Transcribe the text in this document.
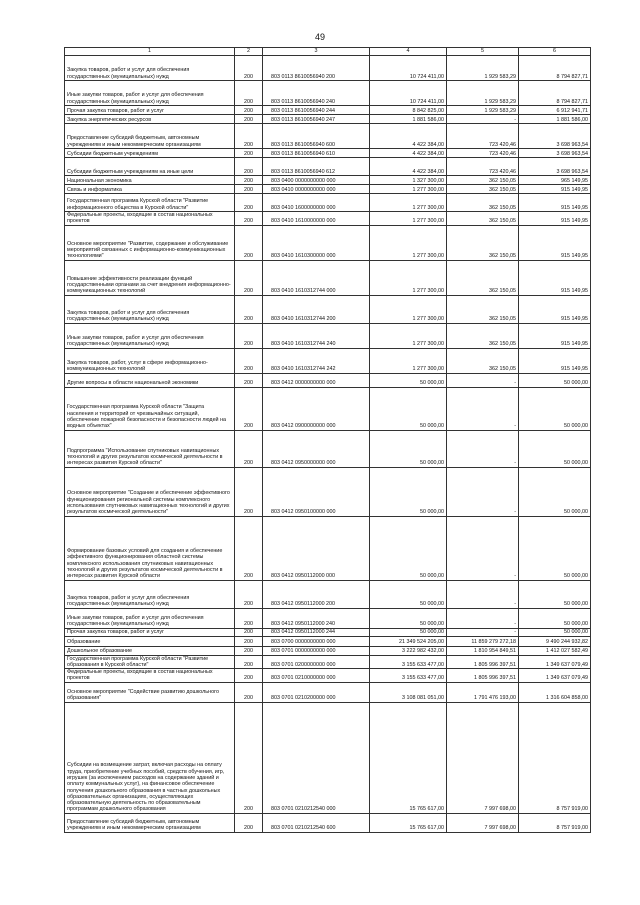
49
1	2	3	4	5	6
Закупка товаров, работ и услуг для обеспечения государственных (муниципальных) нужд	200	803 0113 8610056940 200	10 724 411,00	1 929 583,29	8 794 827,71
Иные закупки товаров, работ и услуг для обеспечения государственных (муниципальных) нужд	200	803 0113 8610056940 240	10 724 411,00	1 929 583,29	8 794 827,71
Прочая закупка товаров, работ и услуг	200	803 0113 8610056940 244	8 842 825,00	1 929 583,29	6 912 941,71
Закупка энергетических ресурсов	200	803 0113 8610056940 247	1 881 586,00	-	1 881 586,00
Предоставление субсидий бюджетным, автономным учреждениям и иным некоммерческим организациям	200	803 0113 8610056940 600	4 422 384,00	723 420,46	3 698 963,54
Субсидии бюджетным учреждениям	200	803 0113 8610056940 610	4 422 384,00	723 420,46	3 698 963,54
Субсидии бюджетным учреждениям на иные цели	200	803 0113 8610056940 612	4 422 384,00	723 420,46	3 698 963,54
Национальная экономика	200	803 0400 0000000000 000	1 327 300,00	362 150,05	965 149,95
Связь и информатика	200	803 0410 0000000000 000	1 277 300,00	362 150,05	915 149,95
Государственная программа Курской области "Развитие информационного общества в Курской области"	200	803 0410 1600000000 000	1 277 300,00	362 150,05	915 149,95
Федеральные проекты, входящие в состав национальных проектов	200	803 0410 1610000000 000	1 277 300,00	362 150,05	915 149,95
Основное мероприятие "Развитие, содержание и обслуживание мероприятий связанных с информационно-коммуникационных технологиями"	200	803 0410 1610300000 000	1 277 300,00	362 150,05	915 149,95
Повышение эффективности реализации функций государственными органами за счет внедрения информационно-коммуникационных технологий	200	803 0410 1610312744 000	1 277 300,00	362 150,05	915 149,95
Закупка товаров, работ и услуг для обеспечения государственных (муниципальных) нужд	200	803 0410 1610312744 200	1 277 300,00	362 150,05	915 149,95
Иные закупки товаров, работ и услуг для обеспечения государственных (муниципальных) нужд	200	803 0410 1610312744 240	1 277 300,00	362 150,05	915 149,95
Закупка товаров, работ, услуг в сфере информационно-коммуникационных технологий	200	803 0410 1610312744 242	1 277 300,00	362 150,05	915 149,95
Другие вопросы в области национальной экономики	200	803 0412 0000000000 000	50 000,00	-	50 000,00
Государственная программа Курской области "Защита населения и территорий от чрезвычайных ситуаций, обеспечение пожарной безопасности и безопасности людей на водных объектах"	200	803 0412 0900000000 000	50 000,00	-	50 000,00
Подпрограмма "Использование спутниковых навигационных технологий и других результатов космической деятельности в интересах развития Курской области"	200	803 0412 0950000000 000	50 000,00	-	50 000,00
Основное мероприятие "Создание и обеспечение эффективного функционирования региональной системы комплексного использования спутниковых навигационных технологий и других результатов космической деятельности"	200	803 0412 0950100000 000	50 000,00	-	50 000,00
Формирование базовых условий для создания и обеспечение эффективного функционирования областной системы комплексного использования спутниковых навигационных технологий и других результатов космической деятельности в интересах развития Курской области	200	803 0412 0950112000 000	50 000,00	-	50 000,00
Закупка товаров, работ и услуг для обеспечения государственных (муниципальных) нужд	200	803 0412 0950112000 200	50 000,00	-	50 000,00
Иные закупки товаров, работ и услуг для обеспечения государственных (муниципальных) нужд	200	803 0412 0950112000 240	50 000,00	-	50 000,00
Прочая закупка товаров, работ и услуг	200	803 0412 0950112000 244	50 000,00	-	50 000,00
Образование	200	803 0700 0000000000 000	21 349 524 205,00	11 859 279 272,18	9 490 244 932,82
Дошкольное образование	200	803 0701 0000000000 000	3 222 982 432,00	1 810 954 849,51	1 412 027 582,49
Государственная программа Курской области "Развитие образования в Курской области"	200	803 0701 0200000000 000	3 155 633 477,00	1 805 996 397,51	1 349 637 079,49
Федеральные проекты, входящие в состав национальных проектов	200	803 0701 0210000000 000	3 155 633 477,00	1 805 996 397,51	1 349 637 079,49
Основное мероприятие "Содействие развитию дошкольного образования"	200	803 0701 0210200000 000	3 108 081 051,00	1 791 476 193,00	1 316 604 858,00
Субсидии на возмещение затрат, включая расходы на оплату труда, приобретение учебных пособий, средств обучения, игр, игрушек (за исключением расходов на содержание зданий и оплату коммунальных услуг), на финансовое обеспечение получения дошкольного образования в частных дошкольных образовательных организациях, осуществляющих образовательную деятельность по образовательным программам дошкольного образования	200	803 0701 0210212540 000	15 765 617,00	7 997 698,00	8 757 919,00
Предоставление субсидий бюджетным, автономным учреждениям и иным некоммерческим организациям	200	803 0701 0210212540 600	15 765 617,00	7 997 698,00	8 757 919,00
